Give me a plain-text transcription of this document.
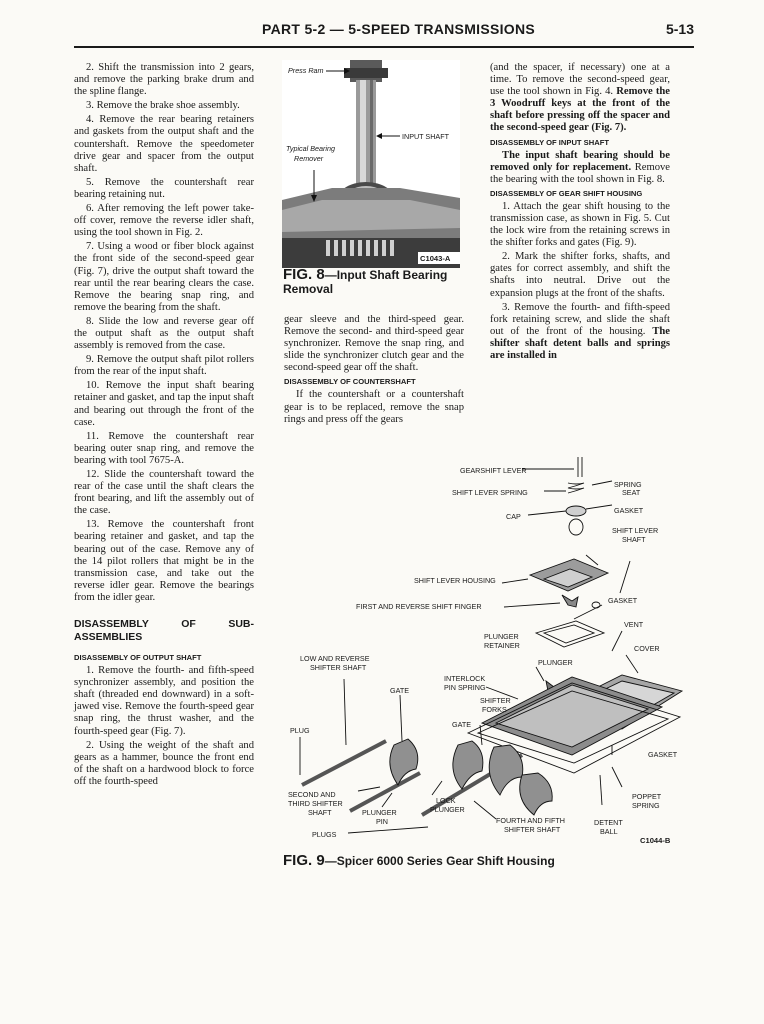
PART 5-2 — 5-SPEED TRANSMISSIONS	5-13

2. Shift the transmission into 2 gears, and remove the parking brake drum and the spline flange.

3. Remove the brake shoe assembly.

4. Remove the rear bearing retainers and gaskets from the output shaft and the countershaft. Remove the speedometer drive gear and spacer from the output shaft.

5. Remove the countershaft rear bearing retaining nut.

6. After removing the left power take-off cover, remove the reverse idler shaft, using the tool shown in Fig. 2.

7. Using a wood or fiber block against the front side of the second-speed gear (Fig. 7), drive the output shaft toward the rear until the rear bearing clears the case. Remove the bearing snap ring, and remove the bearing from the shaft.

8. Slide the low and reverse gear off the output shaft as the output shaft assembly is removed from the case.

9. Remove the output shaft pilot rollers from the rear of the input shaft.

10. Remove the input shaft bearing retainer and gasket, and tap the input shaft and bearing out through the front of the case.

11. Remove the countershaft rear bearing outer snap ring, and remove the bearing with tool 7675-A.

12. Slide the countershaft toward the rear of the case until the shaft clears the front bearing, and lift the assembly out of the case.

13. Remove the countershaft front bearing retainer and gasket, and tap the bearing out of the case. Remove any of the 14 pilot rollers that might be in the transmission case, and take out the reverse idler gear. Remove the bearings from the idler gear.

DISASSEMBLY OF SUB-ASSEMBLIES

DISASSEMBLY OF OUTPUT SHAFT

1. Remove the fourth- and fifth-speed synchronizer assembly, and position the shaft (threaded end downward) in a soft-jawed vise. Remove the fourth-speed gear snap ring, the thrust washer, and the fourth-speed gear (Fig. 7).

2. Using the weight of the shaft and gears as a hammer, bounce the front end of the shaft on a hardwood block to force off the fourth-speed

Press Ram
Typical Bearing
Remover
INPUT SHAFT
C1043-A
FIG. 8—Input Shaft Bearing Removal

gear sleeve and the third-speed gear. Remove the second- and third-speed gear synchronizer. Remove the snap ring, and slide the synchronizer clutch gear and the second-speed gear off the shaft.

DISASSEMBLY OF COUNTERSHAFT

If the countershaft or a countershaft gear is to be replaced, remove the snap rings and press off the gears

(and the spacer, if necessary) one at a time. To remove the second-speed gear, use the tool shown in Fig. 4. Remove the 3 Woodruff keys at the front of the shaft before pressing off the spacer and the second-speed gear (Fig. 7).

DISASSEMBLY OF INPUT SHAFT

The input shaft bearing should be removed only for replacement. Remove the bearing with the tool shown in Fig. 8.

DISASSEMBLY OF GEAR SHIFT HOUSING

1. Attach the gear shift housing to the transmission case, as shown in Fig. 5. Cut the lock wire from the retaining screws in the shifter forks and gates (Fig. 9).

2. Mark the shifter forks, shafts, and gates for correct assembly, and shift the shafts into neutral. Drive out the expansion plugs at the front of the shafts.

3. Remove the fourth- and fifth-speed fork retaining screw, and slide the shaft out of the front of the housing. The shifter shaft detent balls and springs are installed in

GEARSHIFT LEVER
SHIFT LEVER SPRING
SPRING
SEAT
CAP
GASKET
SHIFT LEVER
SHAFT
SHIFT LEVER HOUSING
FIRST AND REVERSE SHIFT FINGER
GASKET
VENT
PLUNGER
RETAINER	COVER
LOW AND REVERSE
SHIFTER SHAFT
PLUNGER
INTERLOCK
PIN SPRING
GATE
SHIFTER
FORKS
GATE
PLUG
GASKET
SECOND AND
THIRD SHIFTER
SHAFT	PLUNGER
PIN
LOCK
PLUNGER
POPPET
SPRING
FOURTH AND FIFTH
SHIFTER SHAFT
DETENT
BALL
PLUGS
C1044-B
FIG. 9—Spicer 6000 Series Gear Shift Housing
